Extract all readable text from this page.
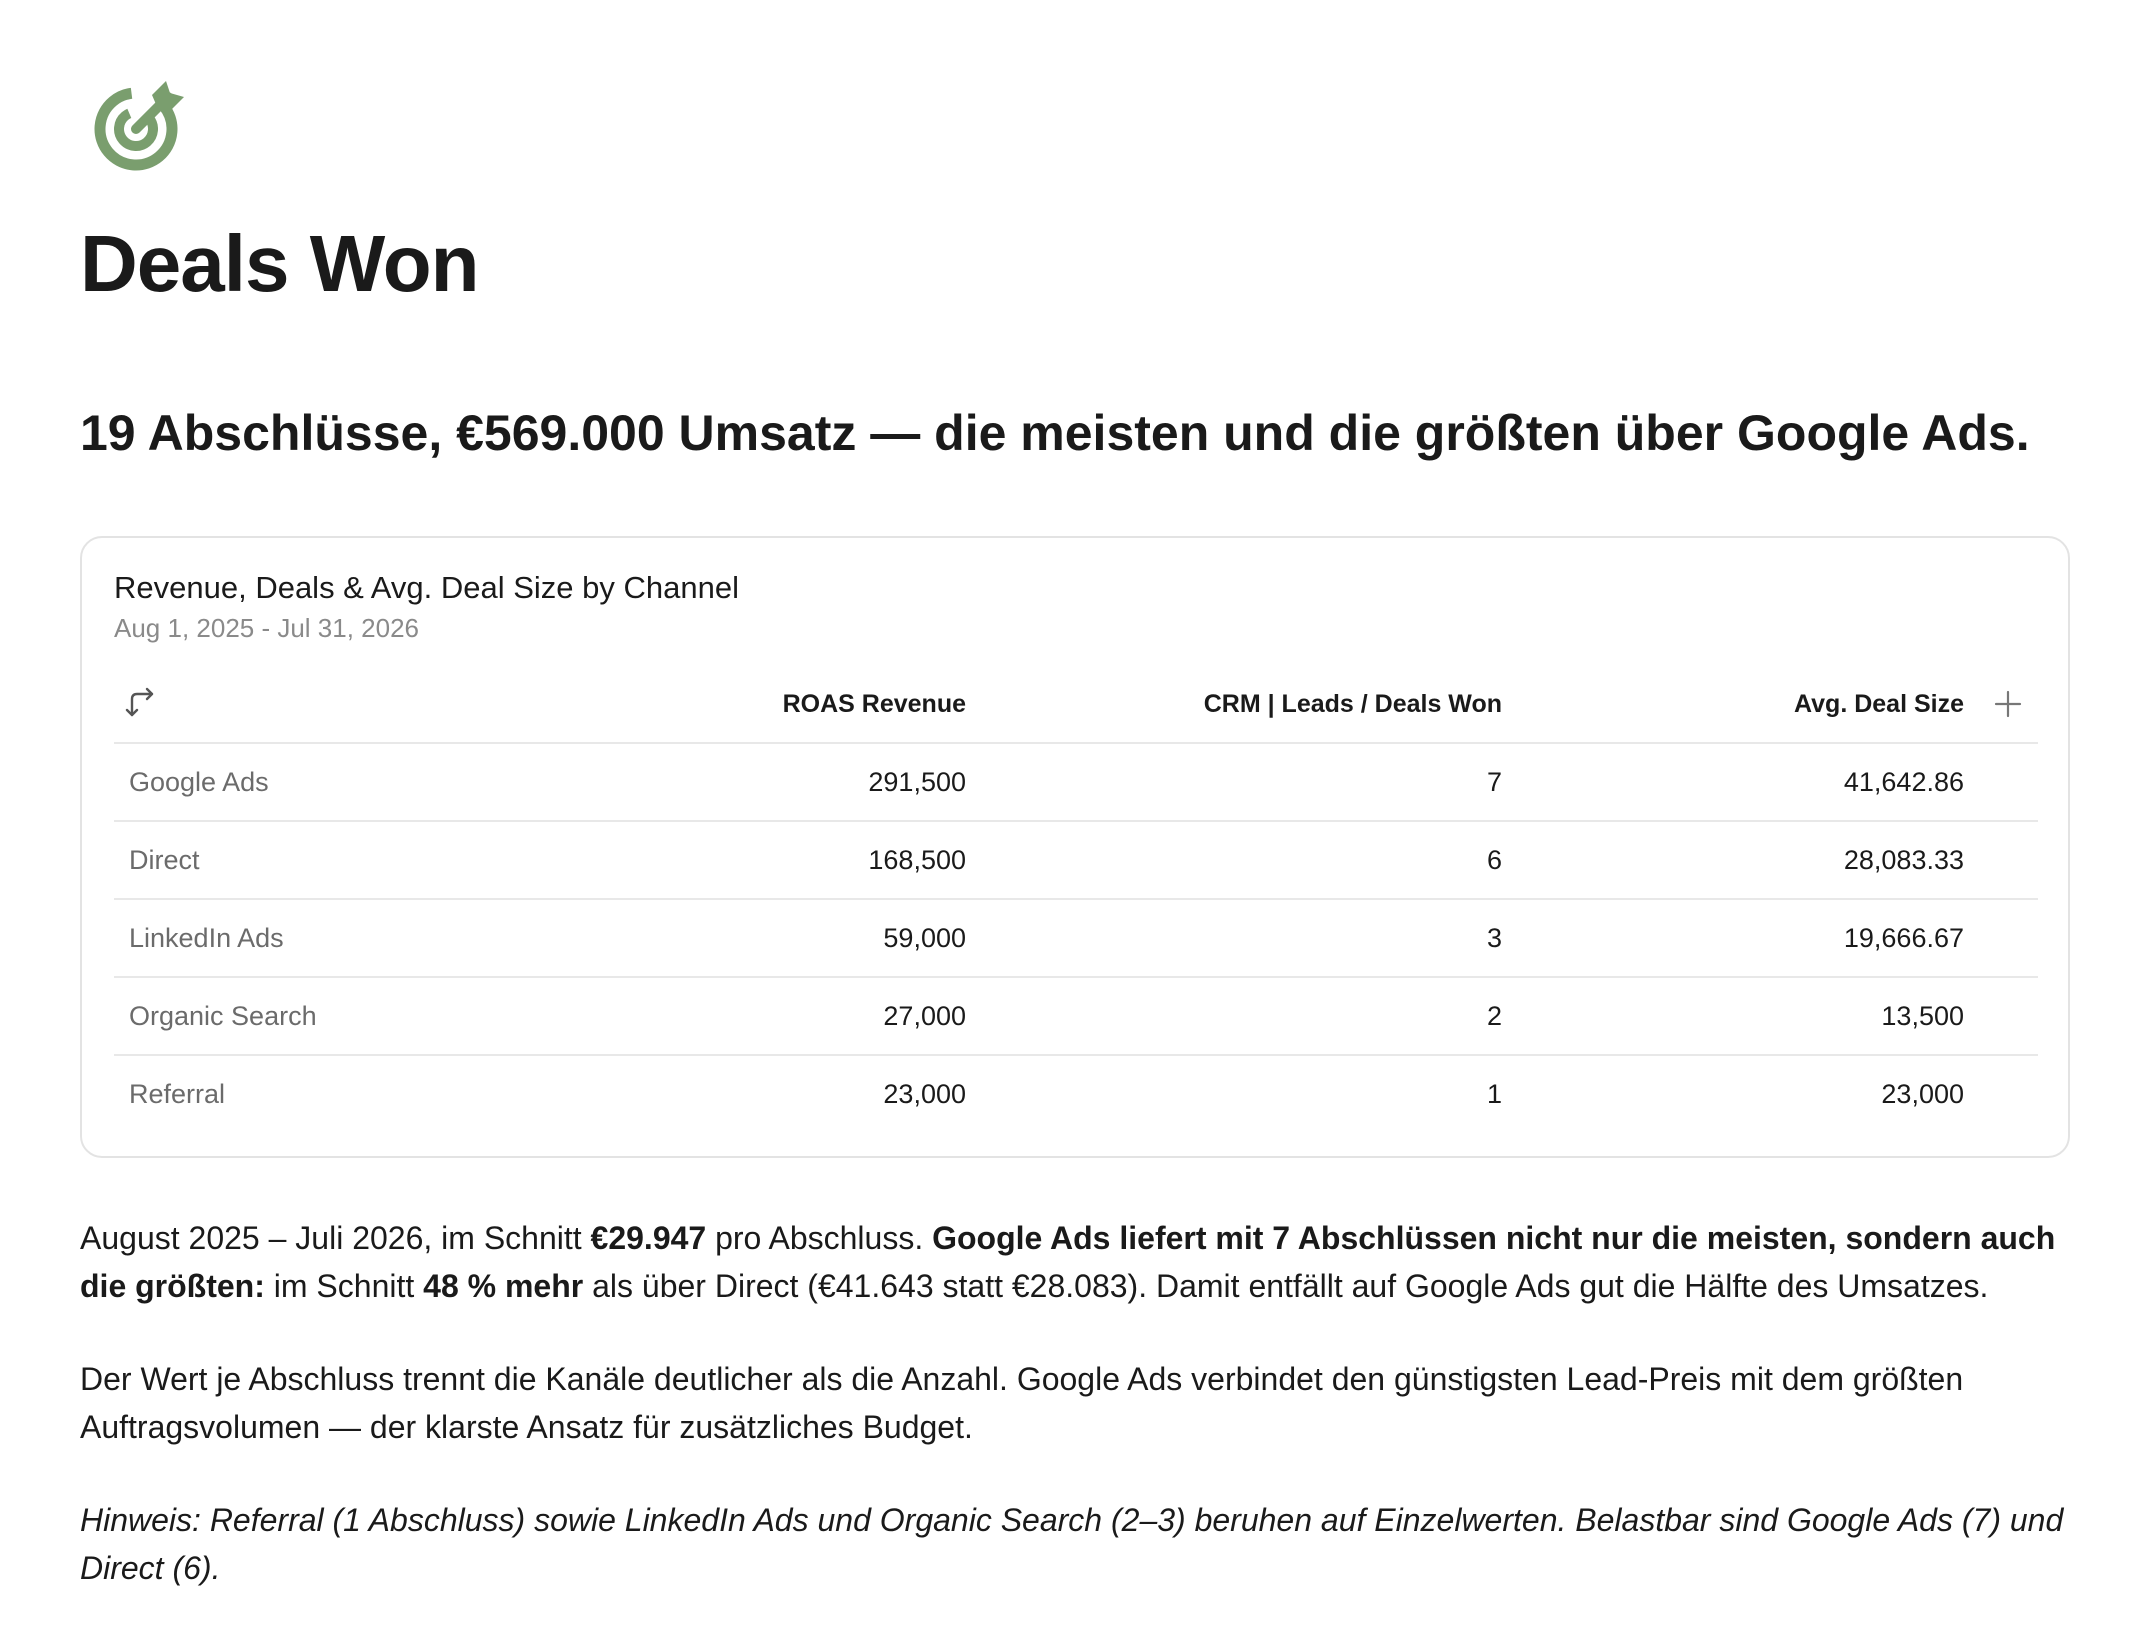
Deals Won
19 Abschlüsse, €569.000 Umsatz — die meisten und die größten über Google Ads.
Revenue, Deals & Avg. Deal Size by Channel
Aug 1, 2025 - Jul 31, 2026
ROAS Revenue	CRM | Leads / Deals Won	Avg. Deal Size
Google Ads	291,500	7	41,642.86
Direct	168,500	6	28,083.33
LinkedIn Ads	59,000	3	19,666.67
Organic Search	27,000	2	13,500
Referral	23,000	1	23,000

August 2025 – Juli 2026, im Schnitt €29.947 pro Abschluss. Google Ads liefert mit 7 Abschlüssen nicht nur die meisten, sondern auch die größten: im Schnitt 48 % mehr als über Direct (€41.643 statt €28.083). Damit entfällt auf Google Ads gut die Hälfte des Umsatzes.

Der Wert je Abschluss trennt die Kanäle deutlicher als die Anzahl. Google Ads verbindet den günstigsten Lead-Preis mit dem größten Auftragsvolumen — der klarste Ansatz für zusätzliches Budget.

Hinweis: Referral (1 Abschluss) sowie LinkedIn Ads und Organic Search (2–3) beruhen auf Einzelwerten. Belastbar sind Google Ads (7) und Direct (6).
